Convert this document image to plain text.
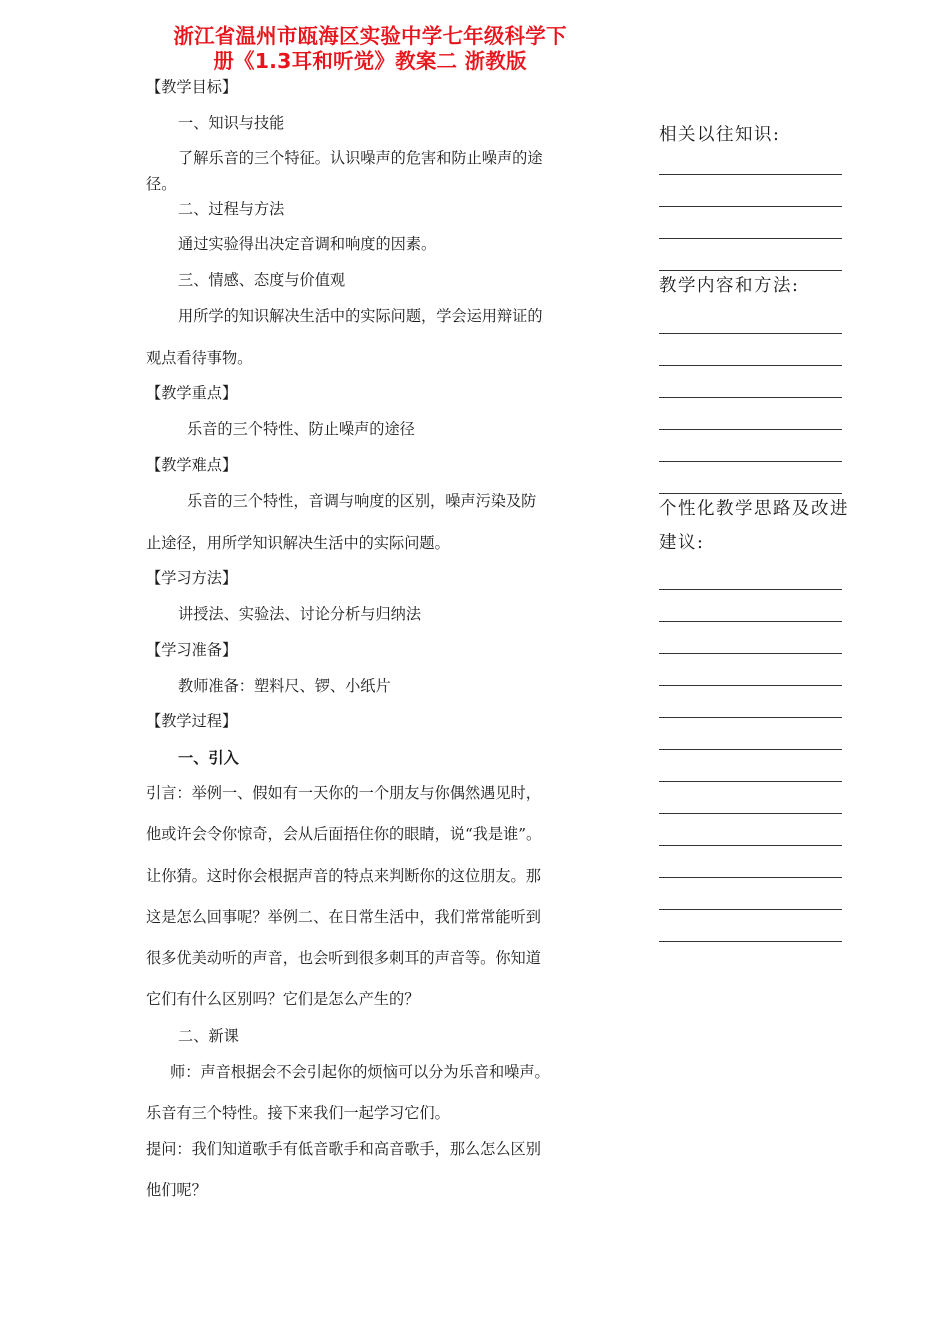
浙江省温州市瓯海区实验中学七年级科学下
册《1.3耳和听觉》教案二 浙教版
【教学目标】
一、知识与技能
了解乐音的三个特征。认识噪声的危害和防止噪声的途
径。
二、过程与方法
通过实验得出决定音调和响度的因素。
三、情感、态度与价值观
用所学的知识解决生活中的实际问题，学会运用辩证的
观点看待事物。
【教学重点】
乐音的三个特性、防止噪声的途径
【教学难点】
乐音的三个特性，音调与响度的区别，噪声污染及防
止途径，用所学知识解决生活中的实际问题。
【学习方法】
讲授法、实验法、讨论分析与归纳法
【学习准备】
教师准备：塑料尺、锣、小纸片
【教学过程】
一、引入
引言：举例一、假如有一天你的一个朋友与你偶然遇见时，
他或许会令你惊奇，会从后面捂住你的眼睛，说“我是谁”。
让你猜。这时你会根据声音的特点来判断你的这位朋友。那
这是怎么回事呢？举例二、在日常生活中，我们常常能听到
很多优美动听的声音，也会听到很多刺耳的声音等。你知道
它们有什么区别吗？它们是怎么产生的？
二、新课
师：声音根据会不会引起你的烦恼可以分为乐音和噪声。
乐音有三个特性。接下来我们一起学习它们。
提问：我们知道歌手有低音歌手和高音歌手，那么怎么区别
他们呢？
相关以往知识:
教学内容和方法:
个性化教学思路及改进
建议:
